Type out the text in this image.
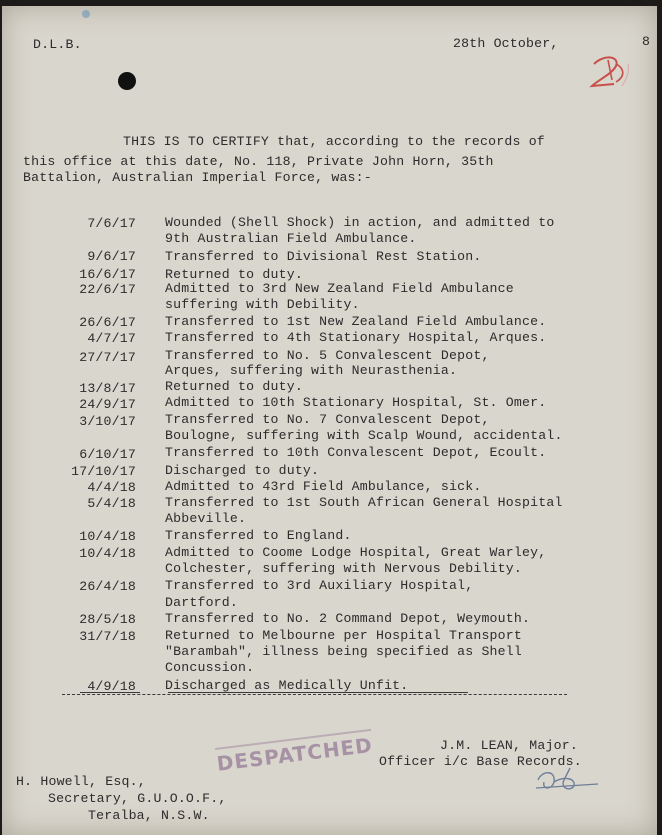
D.L.B.	28th October,	8
THIS IS TO CERTIFY that, according to the records of
this office at this date, No. 118, Private John Horn, 35th
Battalion, Australian Imperial Force, was:-
7/6/17 Wounded (Shell Shock) in action, and admitted to
9th Australian Field Ambulance.
9/6/17 Transferred to Divisional Rest Station.
16/6/17 Returned to duty.
22/6/17 Admitted to 3rd New Zealand Field Ambulance
suffering with Debility.
26/6/17 Transferred to 1st New Zealand Field Ambulance.
4/7/17 Transferred to 4th Stationary Hospital, Arques.
27/7/17 Transferred to No. 5 Convalescent Depot,
Arques, suffering with Neurasthenia.
13/8/17 Returned to duty.
24/9/17 Admitted to 10th Stationary Hospital, St. Omer.
3/10/17 Transferred to No. 7 Convalescent Depot,
Boulogne, suffering with Scalp Wound, accidental.
6/10/17 Transferred to 10th Convalescent Depot, Ecoult.
17/10/17 Discharged to duty.
4/4/18 Admitted to 43rd Field Ambulance, sick.
5/4/18 Transferred to 1st South African General Hospital
Abbeville.
10/4/18 Transferred to England.
10/4/18 Admitted to Coome Lodge Hospital, Great Warley,
Colchester, suffering with Nervous Debility.
26/4/18 Transferred to 3rd Auxiliary Hospital,
Dartford.
28/5/18 Transferred to No. 2 Command Depot, Weymouth.
31/7/18 Returned to Melbourne per Hospital Transport
"Barambah", illness being specified as Shell
Concussion.
4/9/18 Discharged as Medically Unfit.
J.M. LEAN, Major.
Officer i/c Base Records.
DESPATCHED
H. Howell, Esq.,
Secretary, G.U.O.O.F.,
Teralba, N.S.W.
